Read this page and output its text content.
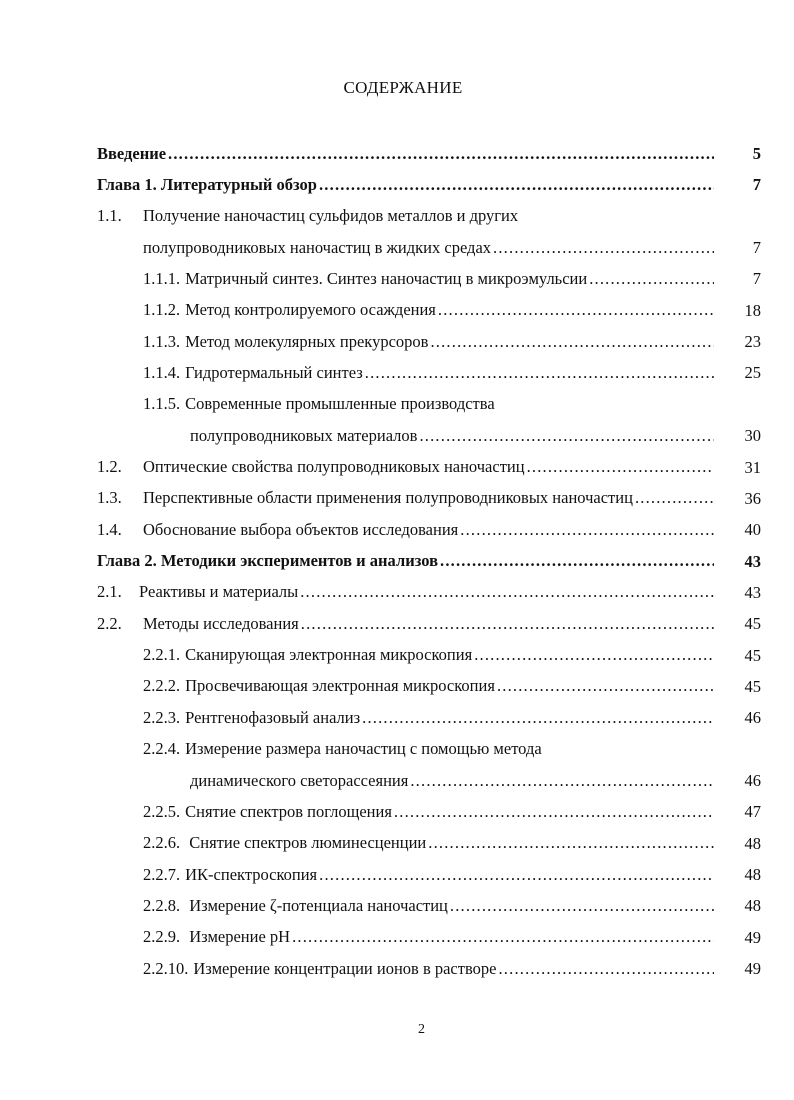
СОДЕРЖАНИЕ
Введение .....	5
Глава 1. Литературный обзор .....	7
1.1.	Получение наночастиц сульфидов металлов и других
полупроводниковых наночастиц в жидких средах .....	7
1.1.1. Матричный синтез. Синтез наночастиц в микроэмульсии .....	7
1.1.2. Метод контролируемого осаждения .....	18
1.1.3. Метод молекулярных прекурсоров .....	23
1.1.4. Гидротермальный синтез .....	25
1.1.5. Современные промышленные производства
полупроводниковых материалов .....	30
1.2.	Оптические свойства полупроводниковых наночастиц .....	31
1.3.	Перспективные области применения полупроводниковых наночастиц .....	36
1.4.	Обоснование выбора объектов исследования .....	40
Глава 2. Методики экспериментов и анализов .....	43
2.1.	Реактивы и материалы .....	43
2.2.	Методы исследования .....	45
2.2.1. Сканирующая электронная микроскопия .....	45
2.2.2. Просвечивающая электронная микроскопия .....	45
2.2.3. Рентгенофазовый анализ .....	46
2.2.4. Измерение размера наночастиц с помощью метода
динамического светорассеяния .....	46
2.2.5. Снятие спектров поглощения .....	47
2.2.6. Снятие спектров люминесценции .....	48
2.2.7. ИК-спектроскопия .....	48
2.2.8. Измерение ζ-потенциала наночастиц .....	48
2.2.9. Измерение pH .....	49
2.2.10. Измерение концентрации ионов в растворе .....	49
2
